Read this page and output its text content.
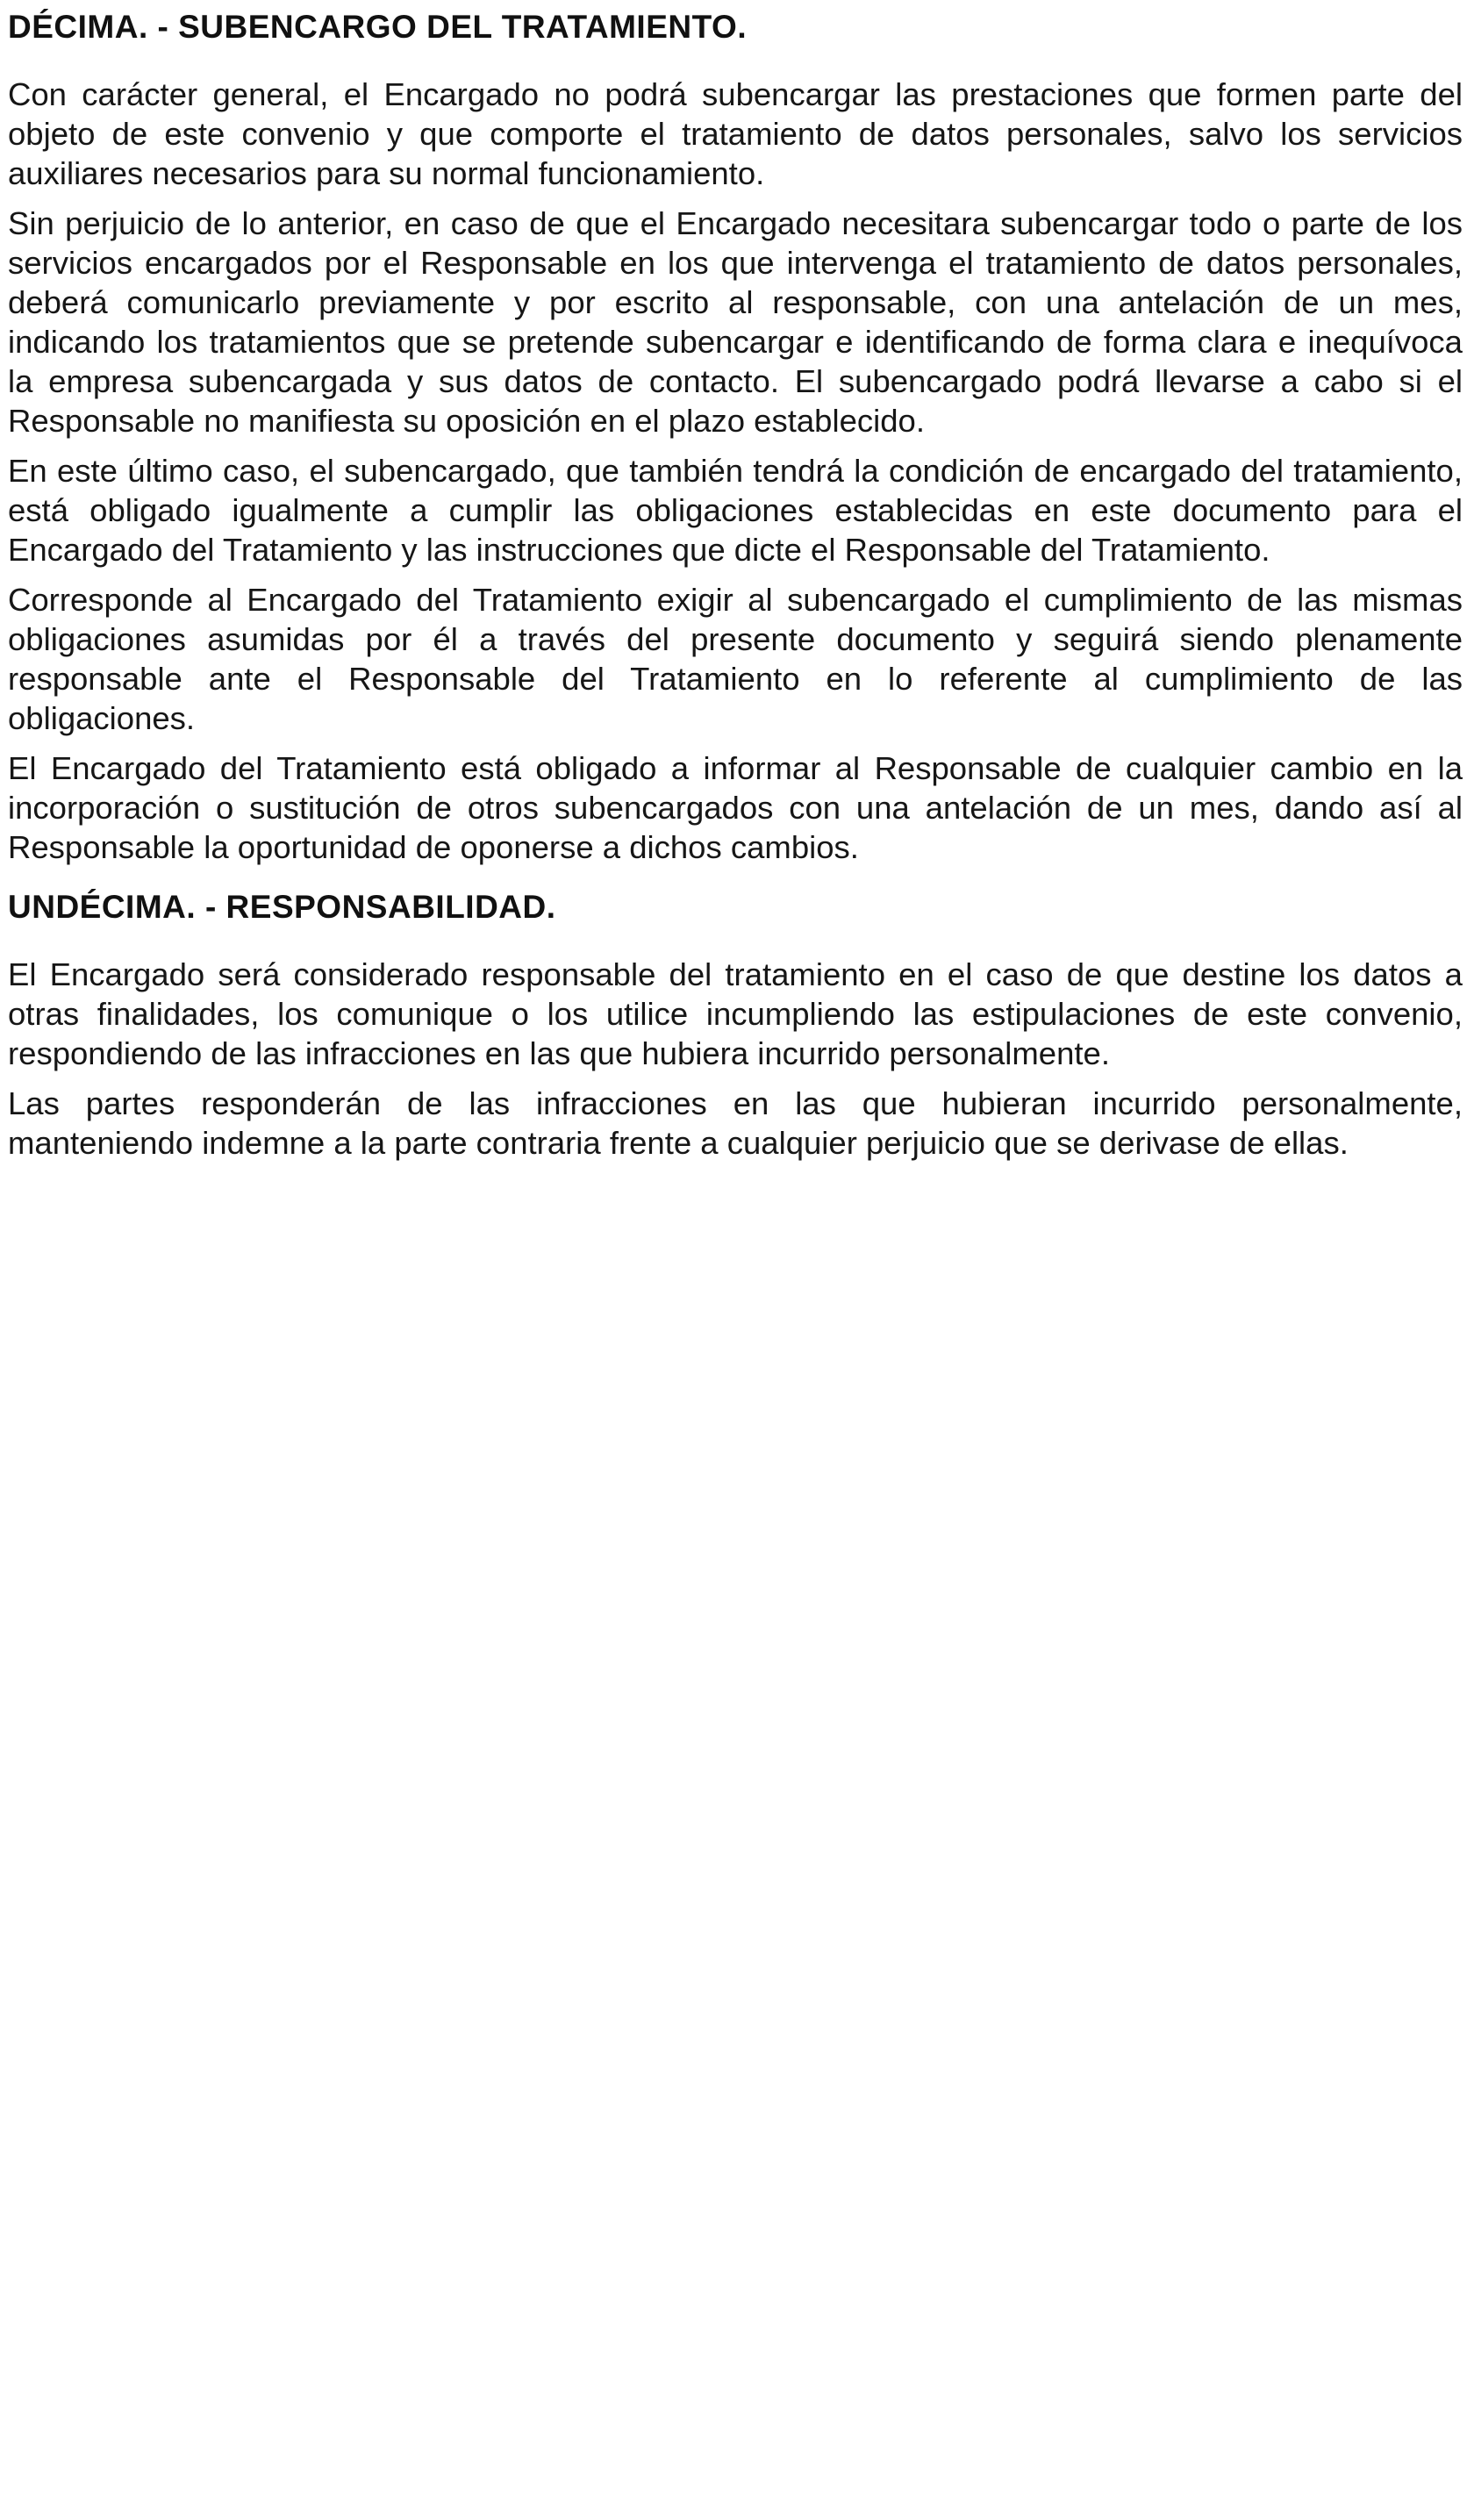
DÉCIMA. - SUBENCARGO DEL TRATAMIENTO.

Con carácter general, el Encargado no podrá subencargar las prestaciones que formen parte del
objeto de este convenio y que comporte el tratamiento de datos personales, salvo los servicios
auxiliares necesarios para su normal funcionamiento.

Sin perjuicio de lo anterior, en caso de que el Encargado necesitara subencargar todo o parte de los
servicios encargados por el Responsable en los que intervenga el tratamiento de datos personales,
deberá comunicarlo previamente y por escrito al responsable, con una antelación de un mes,
indicando los tratamientos que se pretende subencargar e identificando de forma clara e inequívoca
la empresa subencargada y sus datos de contacto. El subencargado podrá llevarse a cabo si el
Responsable no manifiesta su oposición en el plazo establecido.

En este último caso, el subencargado, que también tendrá la condición de encargado del tratamiento,
está obligado igualmente a cumplir las obligaciones establecidas en este documento para el
Encargado del Tratamiento y las instrucciones que dicte el Responsable del Tratamiento.

Corresponde al Encargado del Tratamiento exigir al subencargado el cumplimiento de las mismas
obligaciones asumidas por él a través del presente documento y seguirá siendo plenamente
responsable ante el Responsable del Tratamiento en lo referente al cumplimiento de las
obligaciones.

El Encargado del Tratamiento está obligado a informar al Responsable de cualquier cambio en la
incorporación o sustitución de otros subencargados con una antelación de un mes, dando así al
Responsable la oportunidad de oponerse a dichos cambios.

UNDÉCIMA. - RESPONSABILIDAD.

El Encargado será considerado responsable del tratamiento en el caso de que destine los datos a
otras finalidades, los comunique o los utilice incumpliendo las estipulaciones de este convenio,
respondiendo de las infracciones en las que hubiera incurrido personalmente.

Las partes responderán de las infracciones en las que hubieran incurrido personalmente,
manteniendo indemne a la parte contraria frente a cualquier perjuicio que se derivase de ellas.
